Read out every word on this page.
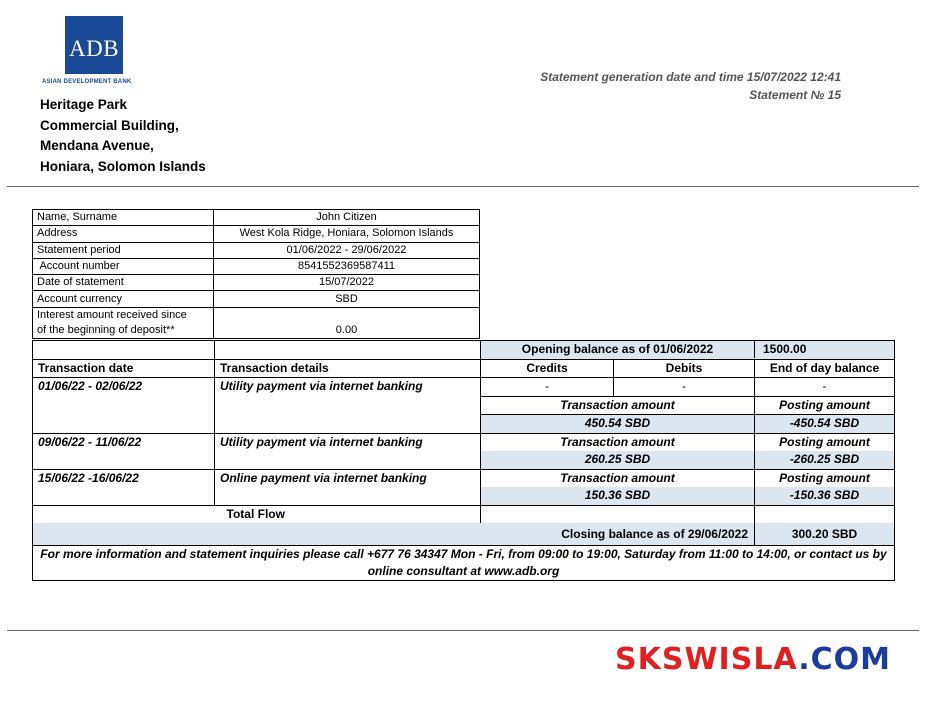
ADB
ASIAN DEVELOPMENT BANK
Heritage Park
Commercial Building,
Mendana Avenue,
Honiara, Solomon Islands
Statement generation date and time 15/07/2022 12:41
Statement № 15
Name, Surname	John Citizen
Address	West Kola Ridge, Honiara, Solomon Islands
Statement period	01/06/2022 - 29/06/2022
Account number	8541552369587411
Date of statement	15/07/2022
Account currency	SBD

Interest amount received since
of the beginning of deposit**	0.00

		Opening balance as of 01/06/2022 1500.00		

Transaction date	Transaction details	Credits	Debits	End of day balance
01/06/22 - 02/06/22	Utility payment via internet banking	-	-	-
		Transaction amount		Posting amount
		450.54 SBD		-450.54 SBD
09/06/22 - 11/06/22	Utility payment via internet banking	Transaction amount		Posting amount
		260.25 SBD		-260.25 SBD
15/06/22 -16/06/22	Online payment via internet banking	Transaction amount		Posting amount
		150.36 SBD		-150.36 SBD
	Total Flow			
Closing balance as of 29/06/2022				300.20 SBD
For more information and statement inquiries please call +677 76 34347 Mon - Fri, from 09:00 to 19:00, Saturday from 11:00 to 14:00, or contact us by online consultant at www.adb.org				
SKSWISLA.COM
